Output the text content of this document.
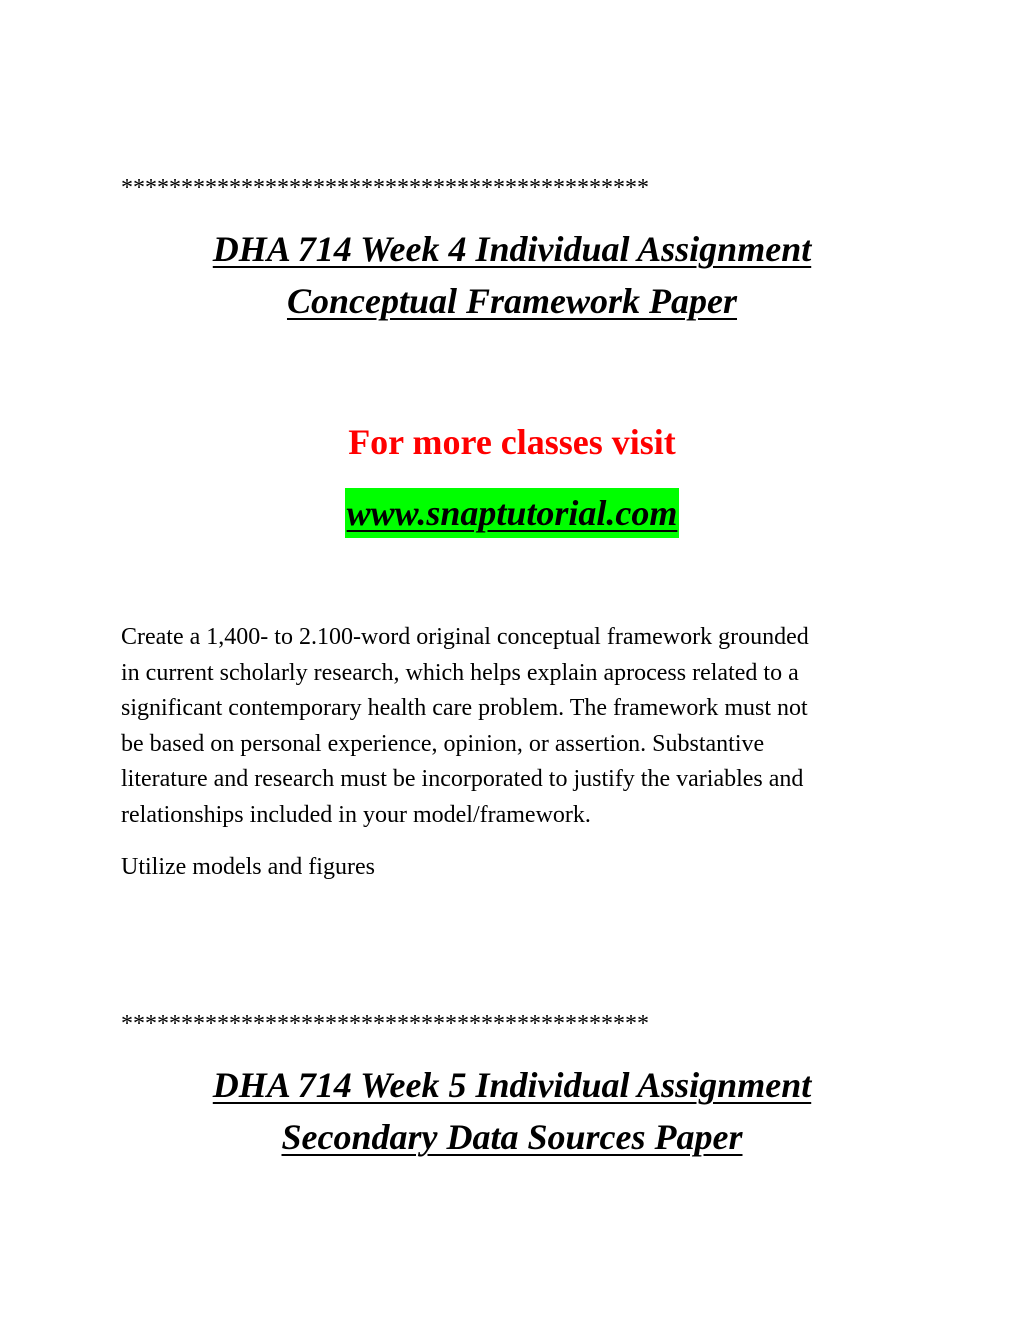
********************************************
DHA 714 Week 4 Individual Assignment
Conceptual Framework Paper
For more classes visit
www.snaptutorial.com
Create a 1,400- to 2.100-word original conceptual framework grounded
in current scholarly research, which helps explain aprocess related to a
significant contemporary health care problem. The framework must not
be based on personal experience, opinion, or assertion. Substantive
literature and research must be incorporated to justify the variables and
relationships included in your model/framework.
Utilize models and figures
********************************************
DHA 714 Week 5 Individual Assignment
Secondary Data Sources Paper
